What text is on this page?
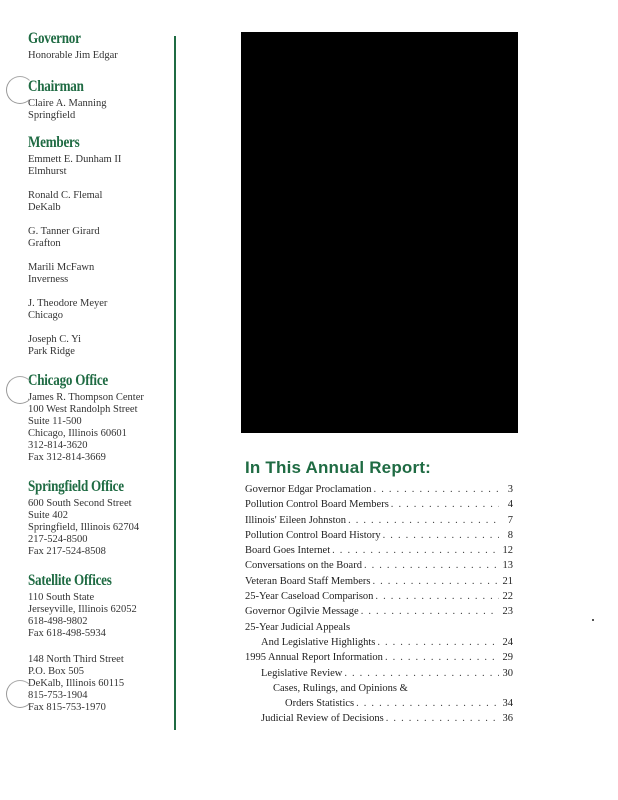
Governor
Honorable Jim Edgar
Chairman
Claire A. Manning
Springfield
Members
Emmett E. Dunham II
Elmhurst
Ronald C. Flemal
DeKalb
G. Tanner Girard
Grafton
Marili McFawn
Inverness
J. Theodore Meyer
Chicago
Joseph C. Yi
Park Ridge
Chicago Office
James R. Thompson Center
100 West Randolph Street
Suite 11-500
Chicago, Illinois 60601
312-814-3620
Fax 312-814-3669
Springfield Office
600 South Second Street
Suite 402
Springfield, Illinois 62704
217-524-8500
Fax 217-524-8508
Satellite Offices
110 South State
Jerseyville, Illinois 62052
618-498-9802
Fax 618-498-5934
148 North Third Street
P.O. Box 505
DeKalb, Illinois 60115
815-753-1904
Fax 815-753-1970
In This Annual Report:
Governor Edgar Proclamation . . .	3
Pollution Control Board Members . . .	4
Illinois' Eileen Johnston . . .	7
Pollution Control Board History . . .	8
Board Goes Internet . . .	12
Conversations on the Board . . .	13
Veteran Board Staff Members . . .	21
25-Year Caseload Comparison . . .	22
Governor Ogilvie Message . . .	23
25-Year Judicial Appeals
And Legislative Highlights . . .	24
1995 Annual Report Information . . .	29
Legislative Review . . .	30
Cases, Rulings, and Opinions &
Orders Statistics . . .	34
Judicial Review of Decisions . . .	36
